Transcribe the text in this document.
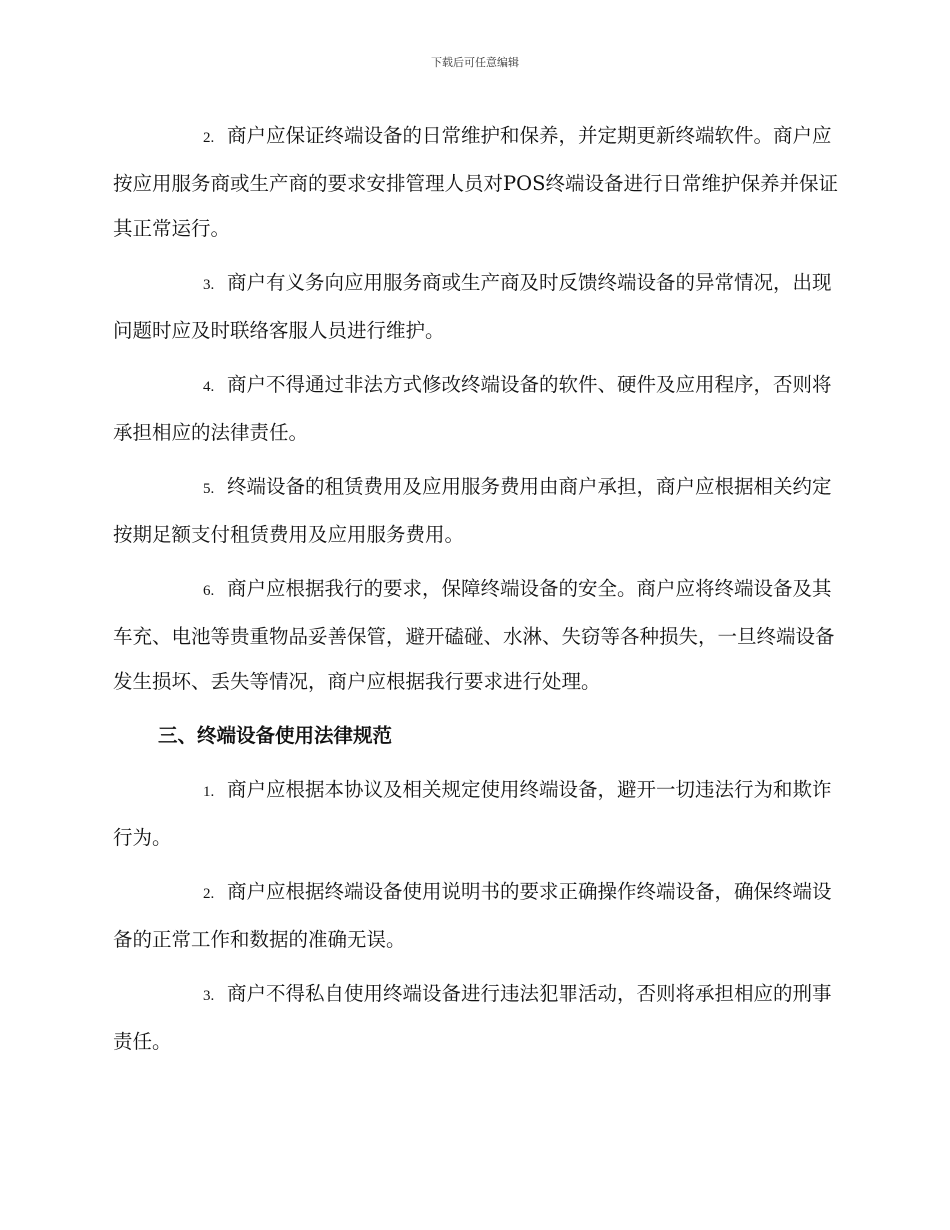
下载后可任意编辑

2. 商户应保证终端设备的日常维护和保养，并定期更新终端软件。商户应按应用服务商或生产商的要求安排管理人员对POS终端设备进行日常维护保养并保证其正常运行。

3. 商户有义务向应用服务商或生产商及时反馈终端设备的异常情况，出现问题时应及时联络客服人员进行维护。

4. 商户不得通过非法方式修改终端设备的软件、硬件及应用程序，否则将承担相应的法律责任。

5. 终端设备的租赁费用及应用服务费用由商户承担，商户应根据相关约定按期足额支付租赁费用及应用服务费用。

6. 商户应根据我行的要求，保障终端设备的安全。商户应将终端设备及其车充、电池等贵重物品妥善保管，避开磕碰、水淋、失窃等各种损失，一旦终端设备发生损坏、丢失等情况，商户应根据我行要求进行处理。

三、终端设备使用法律规范

1. 商户应根据本协议及相关规定使用终端设备，避开一切违法行为和欺诈行为。

2. 商户应根据终端设备使用说明书的要求正确操作终端设备，确保终端设备的正常工作和数据的准确无误。

3. 商户不得私自使用终端设备进行违法犯罪活动，否则将承担相应的刑事责任。
